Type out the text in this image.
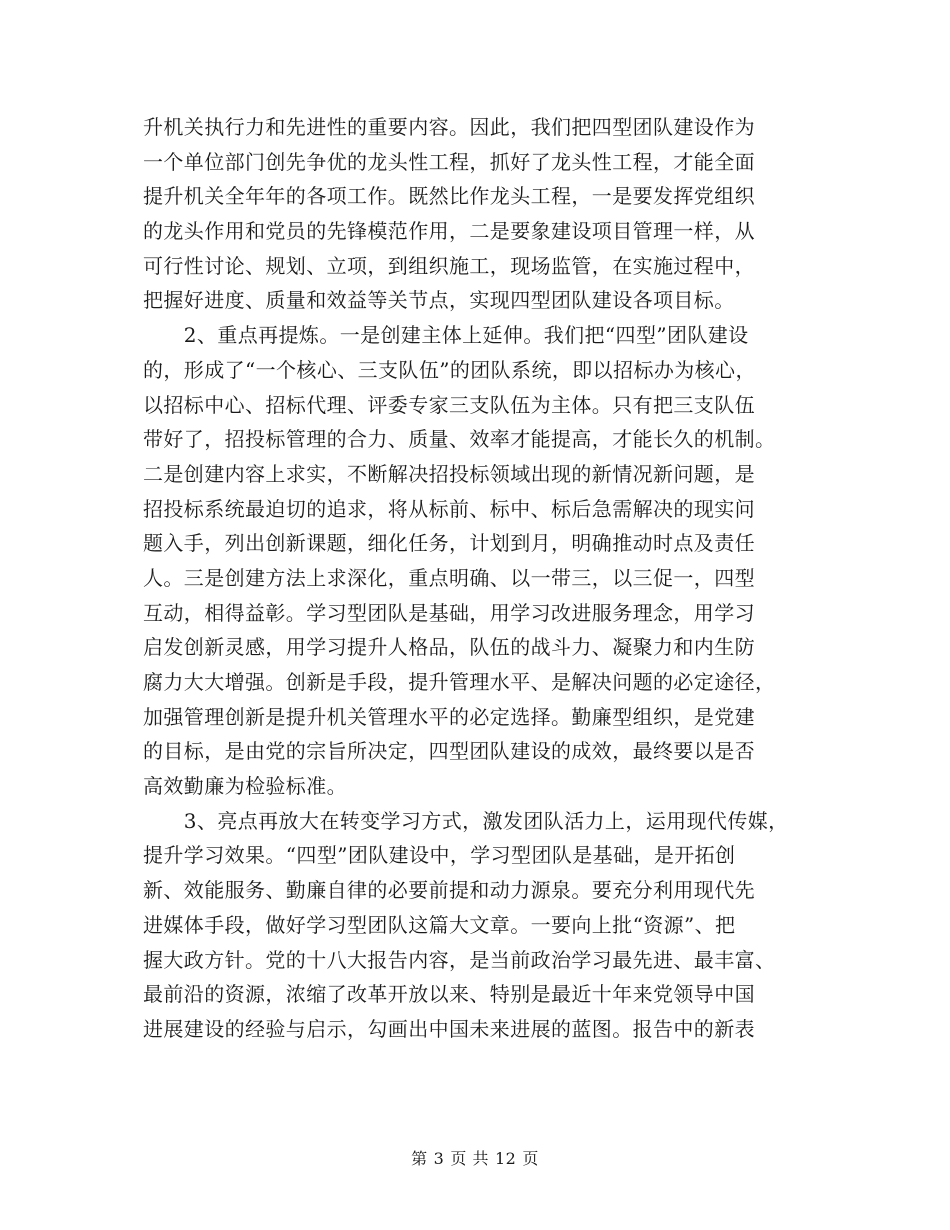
升机关执行力和先进性的重要内容。因此，我们把四型团队建设作为
一个单位部门创先争优的龙头性工程，抓好了龙头性工程，才能全面
提升机关全年年的各项工作。既然比作龙头工程，一是要发挥党组织
的龙头作用和党员的先锋模范作用，二是要象建设项目管理一样，从
可行性讨论、规划、立项，到组织施工，现场监管，在实施过程中，
把握好进度、质量和效益等关节点，实现四型团队建设各项目标。
　　2、重点再提炼。一是创建主体上延伸。我们把“四型”团队建设
的，形成了“一个核心、三支队伍”的团队系统，即以招标办为核心，
以招标中心、招标代理、评委专家三支队伍为主体。只有把三支队伍
带好了，招投标管理的合力、质量、效率才能提高，才能长久的机制。
二是创建内容上求实，不断解决招投标领域出现的新情况新问题，是
招投标系统最迫切的追求，将从标前、标中、标后急需解决的现实问
题入手，列出创新课题，细化任务，计划到月，明确推动时点及责任
人。三是创建方法上求深化，重点明确、以一带三，以三促一，四型
互动，相得益彰。学习型团队是基础，用学习改进服务理念，用学习
启发创新灵感，用学习提升人格品，队伍的战斗力、凝聚力和内生防
腐力大大增强。创新是手段，提升管理水平、是解决问题的必定途径，
加强管理创新是提升机关管理水平的必定选择。勤廉型组织，是党建
的目标，是由党的宗旨所决定，四型团队建设的成效，最终要以是否
高效勤廉为检验标准。
　　3、亮点再放大在转变学习方式，激发团队活力上，运用现代传媒，
提升学习效果。“四型”团队建设中，学习型团队是基础，是开拓创
新、效能服务、勤廉自律的必要前提和动力源泉。要充分利用现代先
进媒体手段，做好学习型团队这篇大文章。一要向上批“资源”、把
握大政方针。党的十八大报告内容，是当前政治学习最先进、最丰富、
最前沿的资源，浓缩了改革开放以来、特别是最近十年来党领导中国
进展建设的经验与启示，勾画出中国未来进展的蓝图。报告中的新表
第 3 页 共 12 页
